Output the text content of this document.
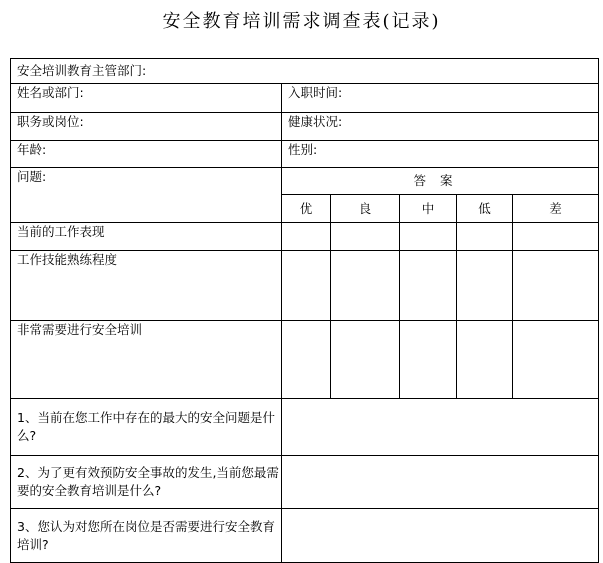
安全教育培训需求调查表(记录)
安全培训教育主管部门:					
姓名或部门:	入职时间:				
职务或岗位:	健康状况:				
年龄:	性别:				
问题:	答案				
	优	良	中	低	差
当前的工作表现					
工作技能熟练程度					
非常需要进行安全培训					
1、当前在您工作中存在的最大的安全问题是什么?					
2、为了更有效预防安全事故的发生,当前您最需要的安全教育培训是什么?					
3、您认为对您所在岗位是否需要进行安全教育培训?					
